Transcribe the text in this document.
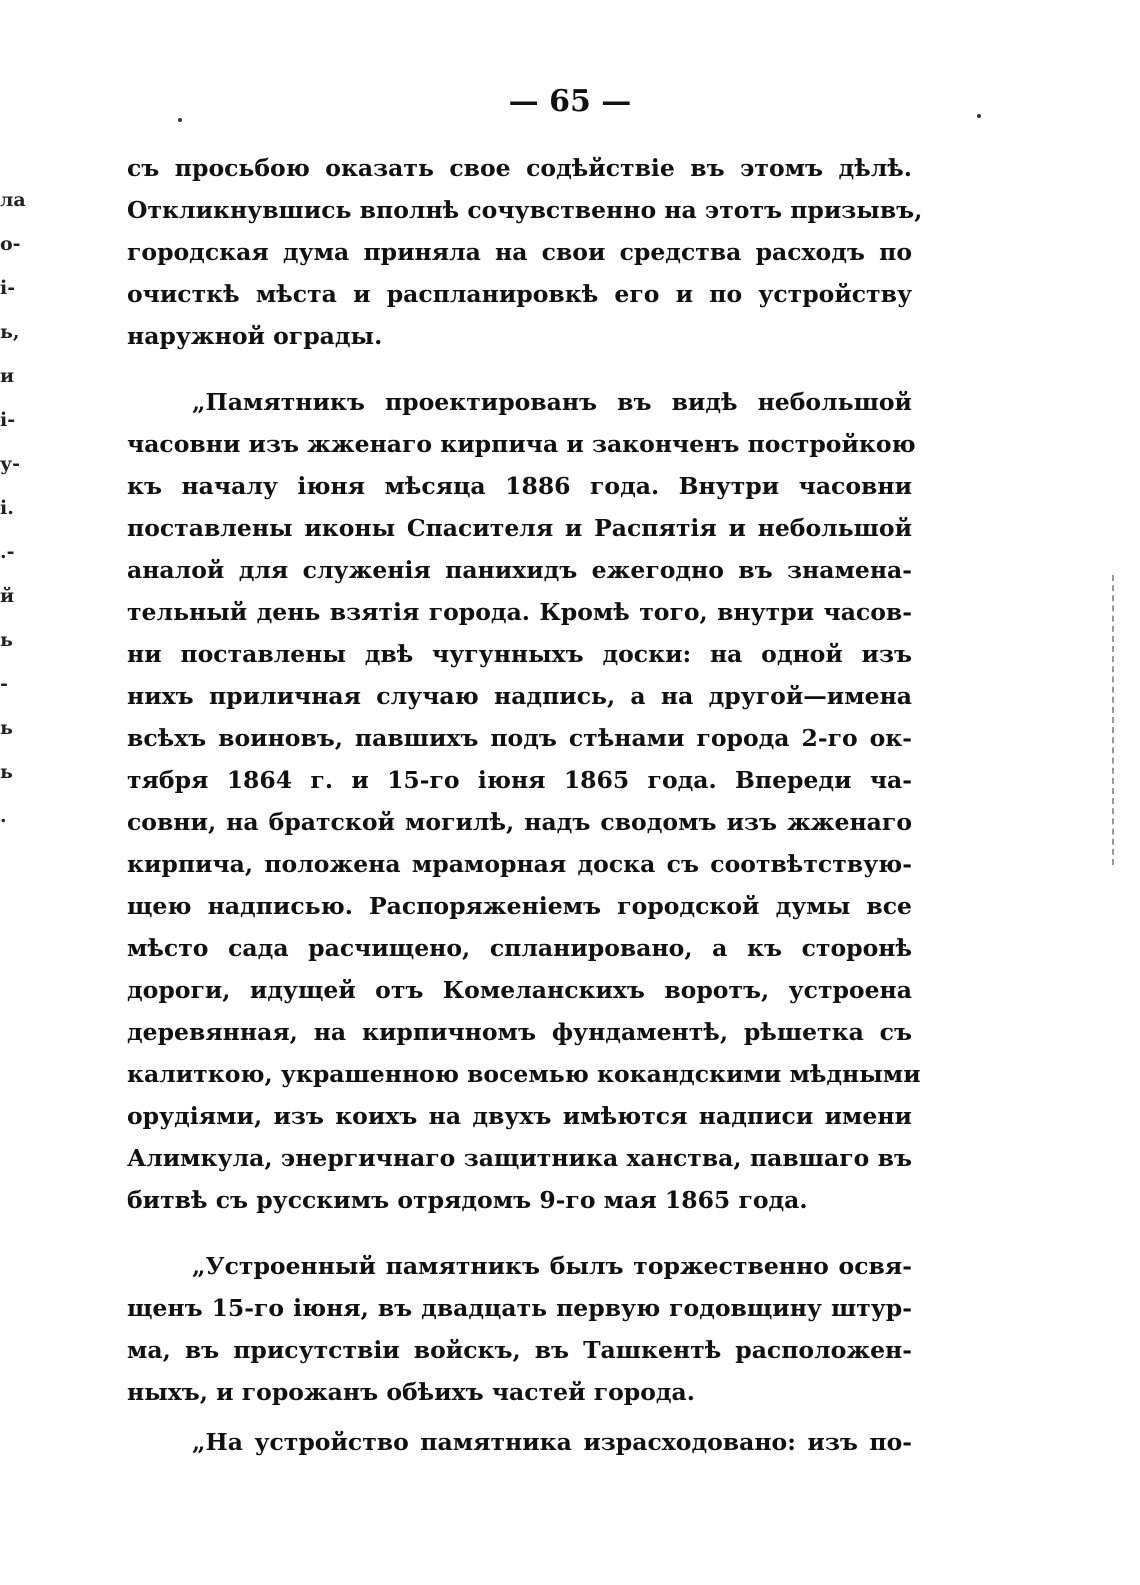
— 65 —
ла
о-
і-
ь,
и
і-
у-
і.
.-
й
ь
-
ь
ь
.
съ просьбою оказать свое содѣйствіе въ этомъ дѣлѣ.
Откликнувшись вполнѣ сочувственно на этотъ призывъ,
городская дума приняла на свои средства расходъ по
очисткѣ мѣста и распланировкѣ его и по устройству
наружной ограды.
„Памятникъ проектированъ въ видѣ небольшой
часовни изъ жженаго кирпича и законченъ постройкою
къ началу іюня мѣсяца 1886 года. Внутри часовни
поставлены иконы Спасителя и Распятія и небольшой
аналой для служенія панихидъ ежегодно въ знамена-
тельный день взятія города. Кромѣ того, внутри часов-
ни поставлены двѣ чугунныхъ доски: на одной изъ
нихъ приличная случаю надпись, а на другой—имена
всѣхъ воиновъ, павшихъ подъ стѣнами города 2-го ок-
тября 1864 г. и 15-го іюня 1865 года. Впереди ча-
совни, на братской могилѣ, надъ сводомъ изъ жженаго
кирпича, положена мраморная доска съ соотвѣтствую-
щею надписью. Распоряженіемъ городской думы все
мѣсто сада расчищено, спланировано, а къ сторонѣ
дороги, идущей отъ Комеланскихъ воротъ, устроена
деревянная, на кирпичномъ фундаментѣ, рѣшетка съ
калиткою, украшенною восемью кокандскими мѣдными
орудіями, изъ коихъ на двухъ имѣются надписи имени
Алимкула, энергичнаго защитника ханства, павшаго въ
битвѣ съ русскимъ отрядомъ 9-го мая 1865 года.
„Устроенный памятникъ былъ торжественно освя-
щенъ 15-го іюня, въ двадцать первую годовщину штур-
ма, въ присутствіи войскъ, въ Ташкентѣ расположен-
ныхъ, и горожанъ обѣихъ частей города.
„На устройство памятника израсходовано: изъ по-
